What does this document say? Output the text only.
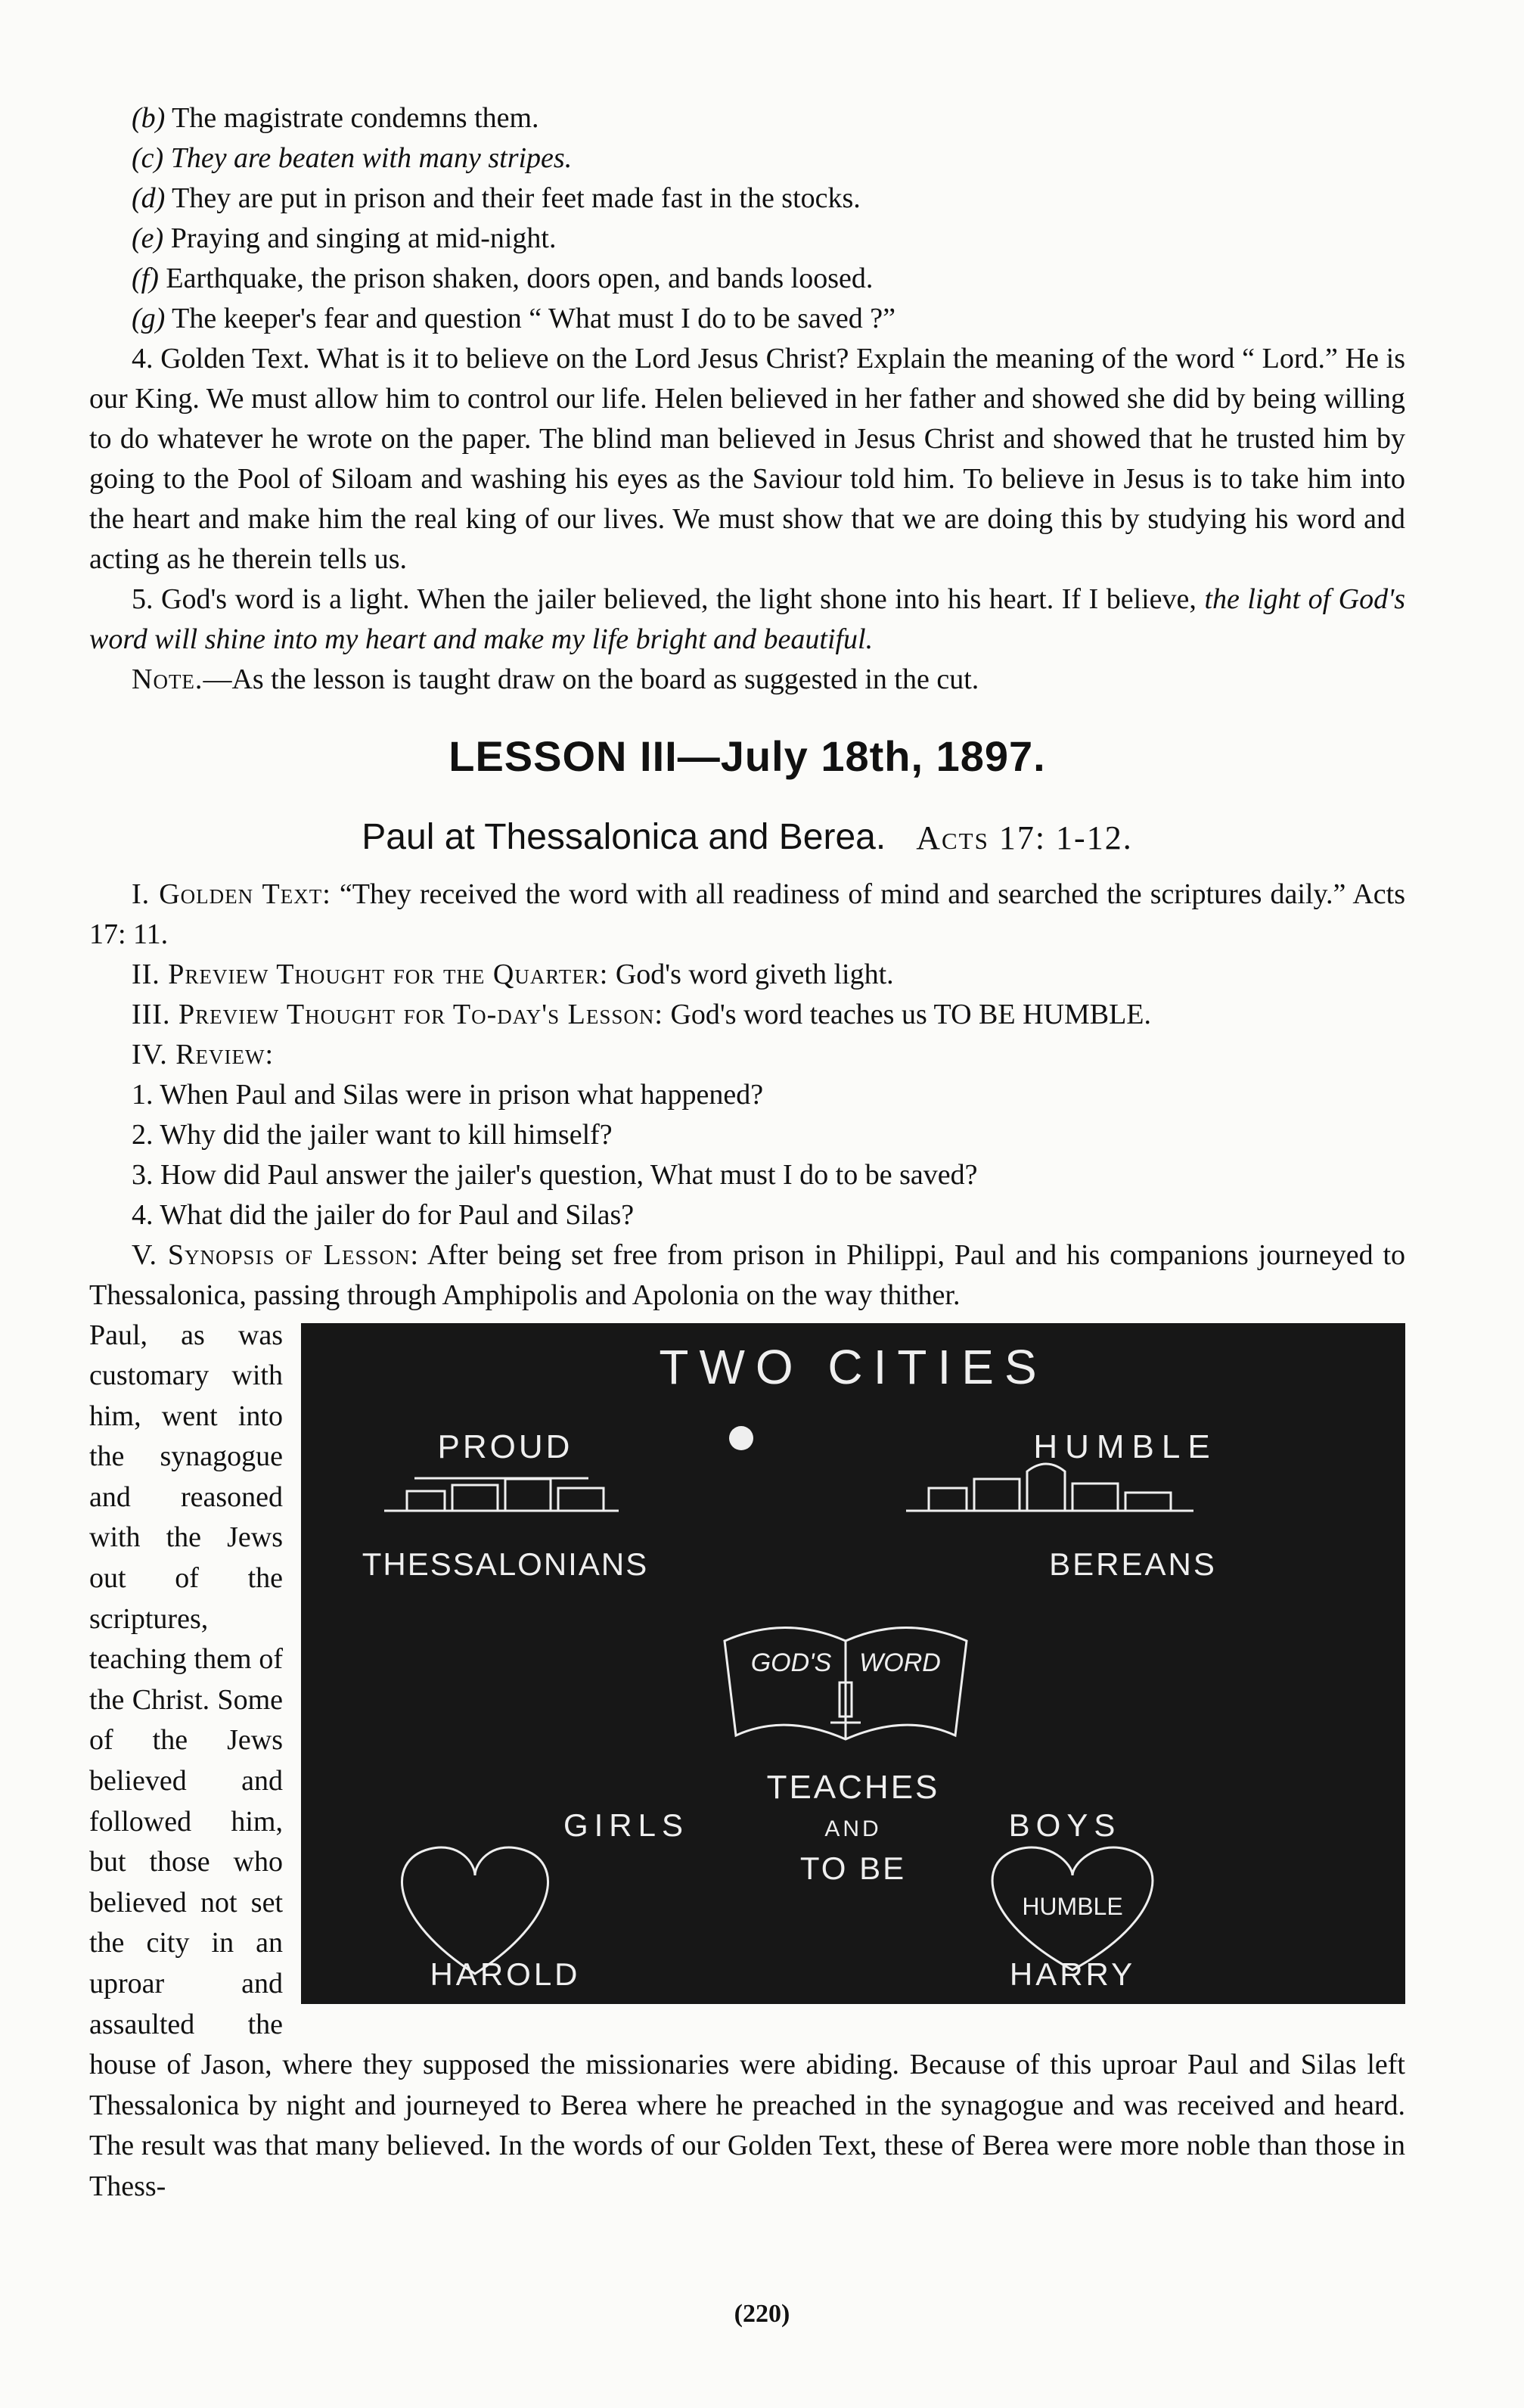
(b) The magistrate condemns them.

(c) They are beaten with many stripes.

(d) They are put in prison and their feet made fast in the stocks.

(e) Praying and singing at mid-night.

(f) Earthquake, the prison shaken, doors open, and bands loosed.

(g) The keeper's fear and question “ What must I do to be saved ?”

4. Golden Text. What is it to believe on the Lord Jesus Christ? Explain the meaning of the word “ Lord.” He is our King. We must allow him to control our life. Helen believed in her father and showed she did by being willing to do whatever he wrote on the paper. The blind man believed in Jesus Christ and showed that he trusted him by going to the Pool of Siloam and washing his eyes as the Saviour told him. To believe in Jesus is to take him into the heart and make him the real king of our lives. We must show that we are doing this by studying his word and acting as he therein tells us.

5. God's word is a light. When the jailer believed, the light shone into his heart. If I believe, the light of God's word will shine into my heart and make my life bright and beautiful.

Note.—As the lesson is taught draw on the board as suggested in the cut.

LESSON III—July 18th, 1897.

Paul at Thessalonica and Berea. Acts 17: 1-12.

I. Golden Text: “They received the word with all readiness of mind and searched the scriptures daily.” Acts 17: 11.

II. Preview Thought for the Quarter: God's word giveth light.

III. Preview Thought for To-day's Lesson: God's word teaches us TO BE HUMBLE.

IV. Review:

1. When Paul and Silas were in prison what happened?

2. Why did the jailer want to kill himself?

3. How did Paul answer the jailer's question, What must I do to be saved?

4. What did the jailer do for Paul and Silas?

V. Synopsis of Lesson: After being set free from prison in Philippi, Paul and his companions journeyed to Thessalonica, passing through Amphipolis and Apolonia on the way thither.

TWO CITIES
PROUD	HUMBLE
THESSALONIANS	BEREANS
GOD'S WORD
TEACHES
GIRLS	AND	BOYS
TO BE
HUMBLE
HAROLD	HARRY

Paul, as was customary with him, went into the synagogue and reasoned with the Jews out of the scriptures, teaching them of the Christ. Some of the Jews believed and followed him, but those who believed not set the city in an uproar and assaulted the house of Jason, where they supposed the missionaries were abiding. Because of this uproar Paul and Silas left Thessalonica by night and journeyed to Berea where he preached in the synagogue and was received and heard. The result was that many believed. In the words of our Golden Text, these of Berea were more noble than those in Thess-

(220)
